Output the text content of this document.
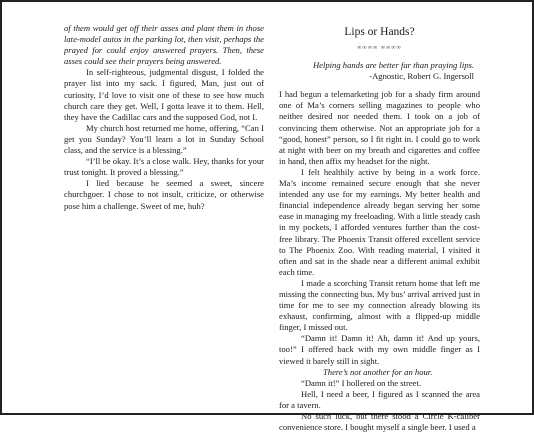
of them would get off their asses and plant them in those late-model autos in the parking lot, then visit, perhaps the prayed for could enjoy answered prayers. Then, these asses could see their prayers being answered.

In self-righteous, judgmental disgust, I folded the prayer list into my sack. I figured, Man, just out of curiosity, I’d love to visit one of these to see how much church care they get. Well, I gotta leave it to them. Hell, they have the Cadillac cars and the supposed God, not I.

My church host returned me home, offering, “Can I get you Sunday? You’ll learn a lot in Sunday School class, and the service is a blessing.”

“I’ll be okay. It’s a close walk. Hey, thanks for your trust tonight. It proved a blessing.”

I lied because he seemed a sweet, sincere churchgoer. I chose to not insult, criticize, or otherwise pose him a challenge. Sweet of me, huh?

Lips or Hands?
∞∞∞∞ ∞∞∞∞

Helping hands are better far than praying lips.

-Agnostic, Robert G. Ingersoll

I had begun a telemarketing job for a shady firm around one of Ma’s corners selling magazines to people who neither desired nor needed them. I took on a job of convincing them otherwise. Not an appropriate job for a “good, honest” person, so I fit right in. I could go to work at night with beer on my breath and cigarettes and coffee in hand, then affix my headset for the night.

I felt healthily active by being in a work force. Ma’s income remained secure enough that she never intended any use for my earnings. My better health and financial independence already began serving her some ease in managing my freeloading. With a little steady cash in my pockets, I afforded ventures further than the cost-free library. The Phoenix Transit offered excellent service to The Phoenix Zoo. With reading material, I visited it often and sat in the shade near a different animal exhibit each time.

I made a scorching Transit return home that left me missing the connecting bus. My bus’ arrival arrived just in time for me to see my connection already blowing its exhaust, confirming, almost with a flipped-up middle finger, I missed out.

“Damn it! Damn it! Ah, damn it! And up yours, too!” I offered back with my own middle finger as I viewed it barely still in sight.

There’s not another for an hour.

“Damn it!” I hollered on the street.

Hell, I need a beer, I figured as I scanned the area for a tavern.

No such luck, but there stood a Circle K-caliber convenience store. I bought myself a single beer. I used a
